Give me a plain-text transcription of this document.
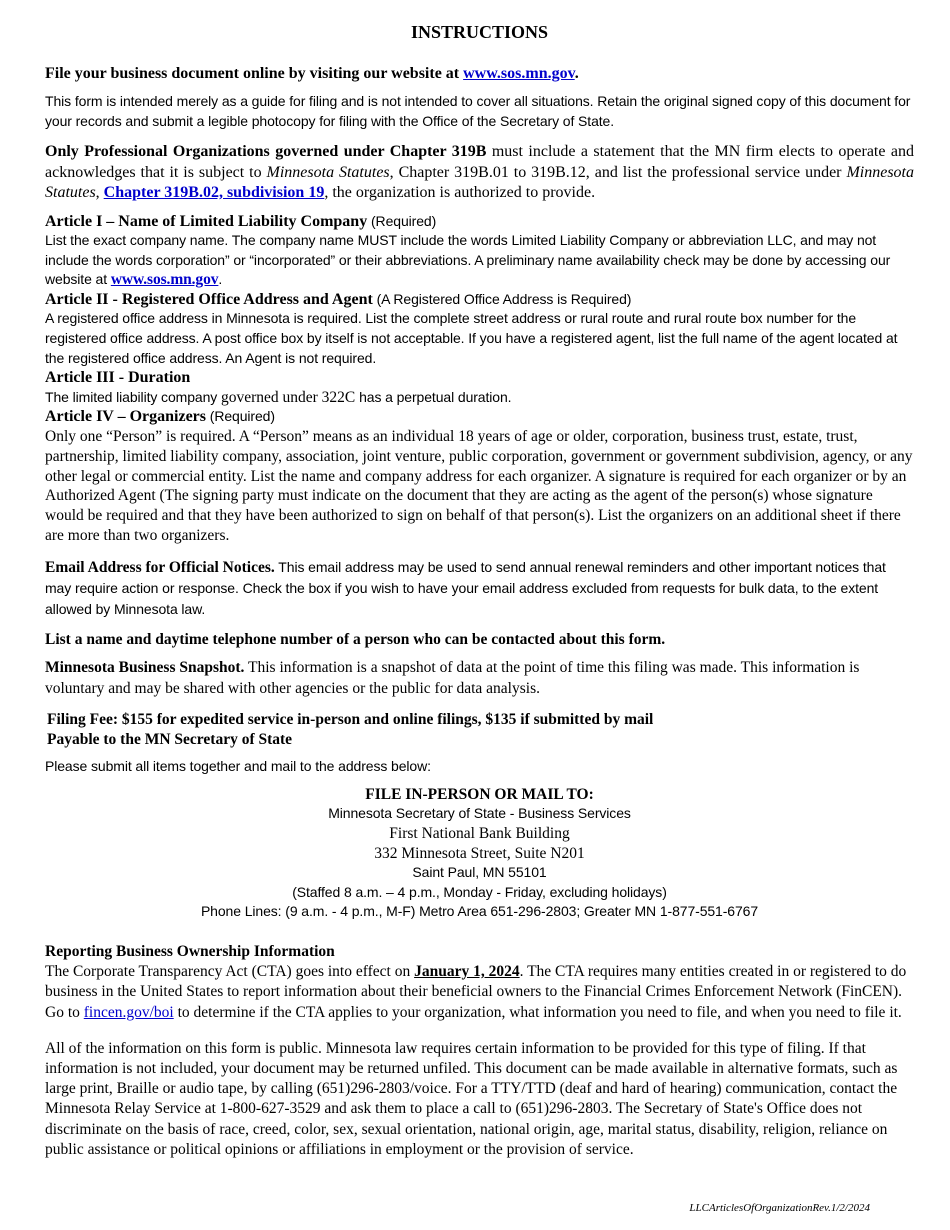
INSTRUCTIONS

File your business document online by visiting our website at www.sos.mn.gov.

This form is intended merely as a guide for filing and is not intended to cover all situations. Retain the original signed copy of this document for your records and submit a legible photocopy for filing with the Office of the Secretary of State.

Only Professional Organizations governed under Chapter 319B must include a statement that the MN firm elects to operate and acknowledges that it is subject to Minnesota Statutes, Chapter 319B.01 to 319B.12, and list the professional service under Minnesota Statutes, Chapter 319B.02, subdivision 19, the organization is authorized to provide.

Article I – Name of Limited Liability Company (Required)
List the exact company name. The company name MUST include the words Limited Liability Company or abbreviation LLC, and may not include the words corporation” or “incorporated” or their abbreviations. A preliminary name availability check may be done by accessing our website at www.sos.mn.gov.
Article II - Registered Office Address and Agent (A Registered Office Address is Required)
A registered office address in Minnesota is required. List the complete street address or rural route and rural route box number for the registered office address. A post office box by itself is not acceptable. If you have a registered agent, list the full name of the agent located at the registered office address. An Agent is not required.
Article III - Duration
The limited liability company governed under 322C has a perpetual duration.
Article IV – Organizers (Required)
Only one “Person” is required. A “Person” means as an individual 18 years of age or older, corporation, business trust, estate, trust, partnership, limited liability company, association, joint venture, public corporation, government or government subdivision, agency, or any other legal or commercial entity. List the name and company address for each organizer. A signature is required for each organizer or by an Authorized Agent (The signing party must indicate on the document that they are acting as the agent of the person(s) whose signature would be required and that they have been authorized to sign on behalf of that person(s). List the organizers on an additional sheet if there are more than two organizers.

Email Address for Official Notices. This email address may be used to send annual renewal reminders and other important notices that may require action or response. Check the box if you wish to have your email address excluded from requests for bulk data, to the extent allowed by Minnesota law.

List a name and daytime telephone number of a person who can be contacted about this form.

Minnesota Business Snapshot. This information is a snapshot of data at the point of time this filing was made. This information is voluntary and may be shared with other agencies or the public for data analysis.

Filing Fee: $155 for expedited service in-person and online filings, $135 if submitted by mail
Payable to the MN Secretary of State

Please submit all items together and mail to the address below:

FILE IN-PERSON OR MAIL TO:
Minnesota Secretary of State - Business Services
First National Bank Building
332 Minnesota Street, Suite N201
Saint Paul, MN 55101
(Staffed 8 a.m. – 4 p.m., Monday - Friday, excluding holidays)
Phone Lines: (9 a.m. - 4 p.m., M-F) Metro Area 651-296-2803; Greater MN 1-877-551-6767
Reporting Business Ownership Information
The Corporate Transparency Act (CTA) goes into effect on January 1, 2024. The CTA requires many entities created in or registered to do business in the United States to report information about their beneficial owners to the Financial Crimes Enforcement Network (FinCEN). Go to fincen.gov/boi to determine if the CTA applies to your organization, what information you need to file, and when you need to file it.

All of the information on this form is public. Minnesota law requires certain information to be provided for this type of filing. If that information is not included, your document may be returned unfiled. This document can be made available in alternative formats, such as large print, Braille or audio tape, by calling (651)296-2803/voice. For a TTY/TTD (deaf and hard of hearing) communication, contact the Minnesota Relay Service at 1-800-627-3529 and ask them to place a call to (651)296-2803. The Secretary of State's Office does not discriminate on the basis of race, creed, color, sex, sexual orientation, national origin, age, marital status, disability, religion, reliance on public assistance or political opinions or affiliations in employment or the provision of service.

LLCArticlesOfOrganizationRev.1/2/2024
